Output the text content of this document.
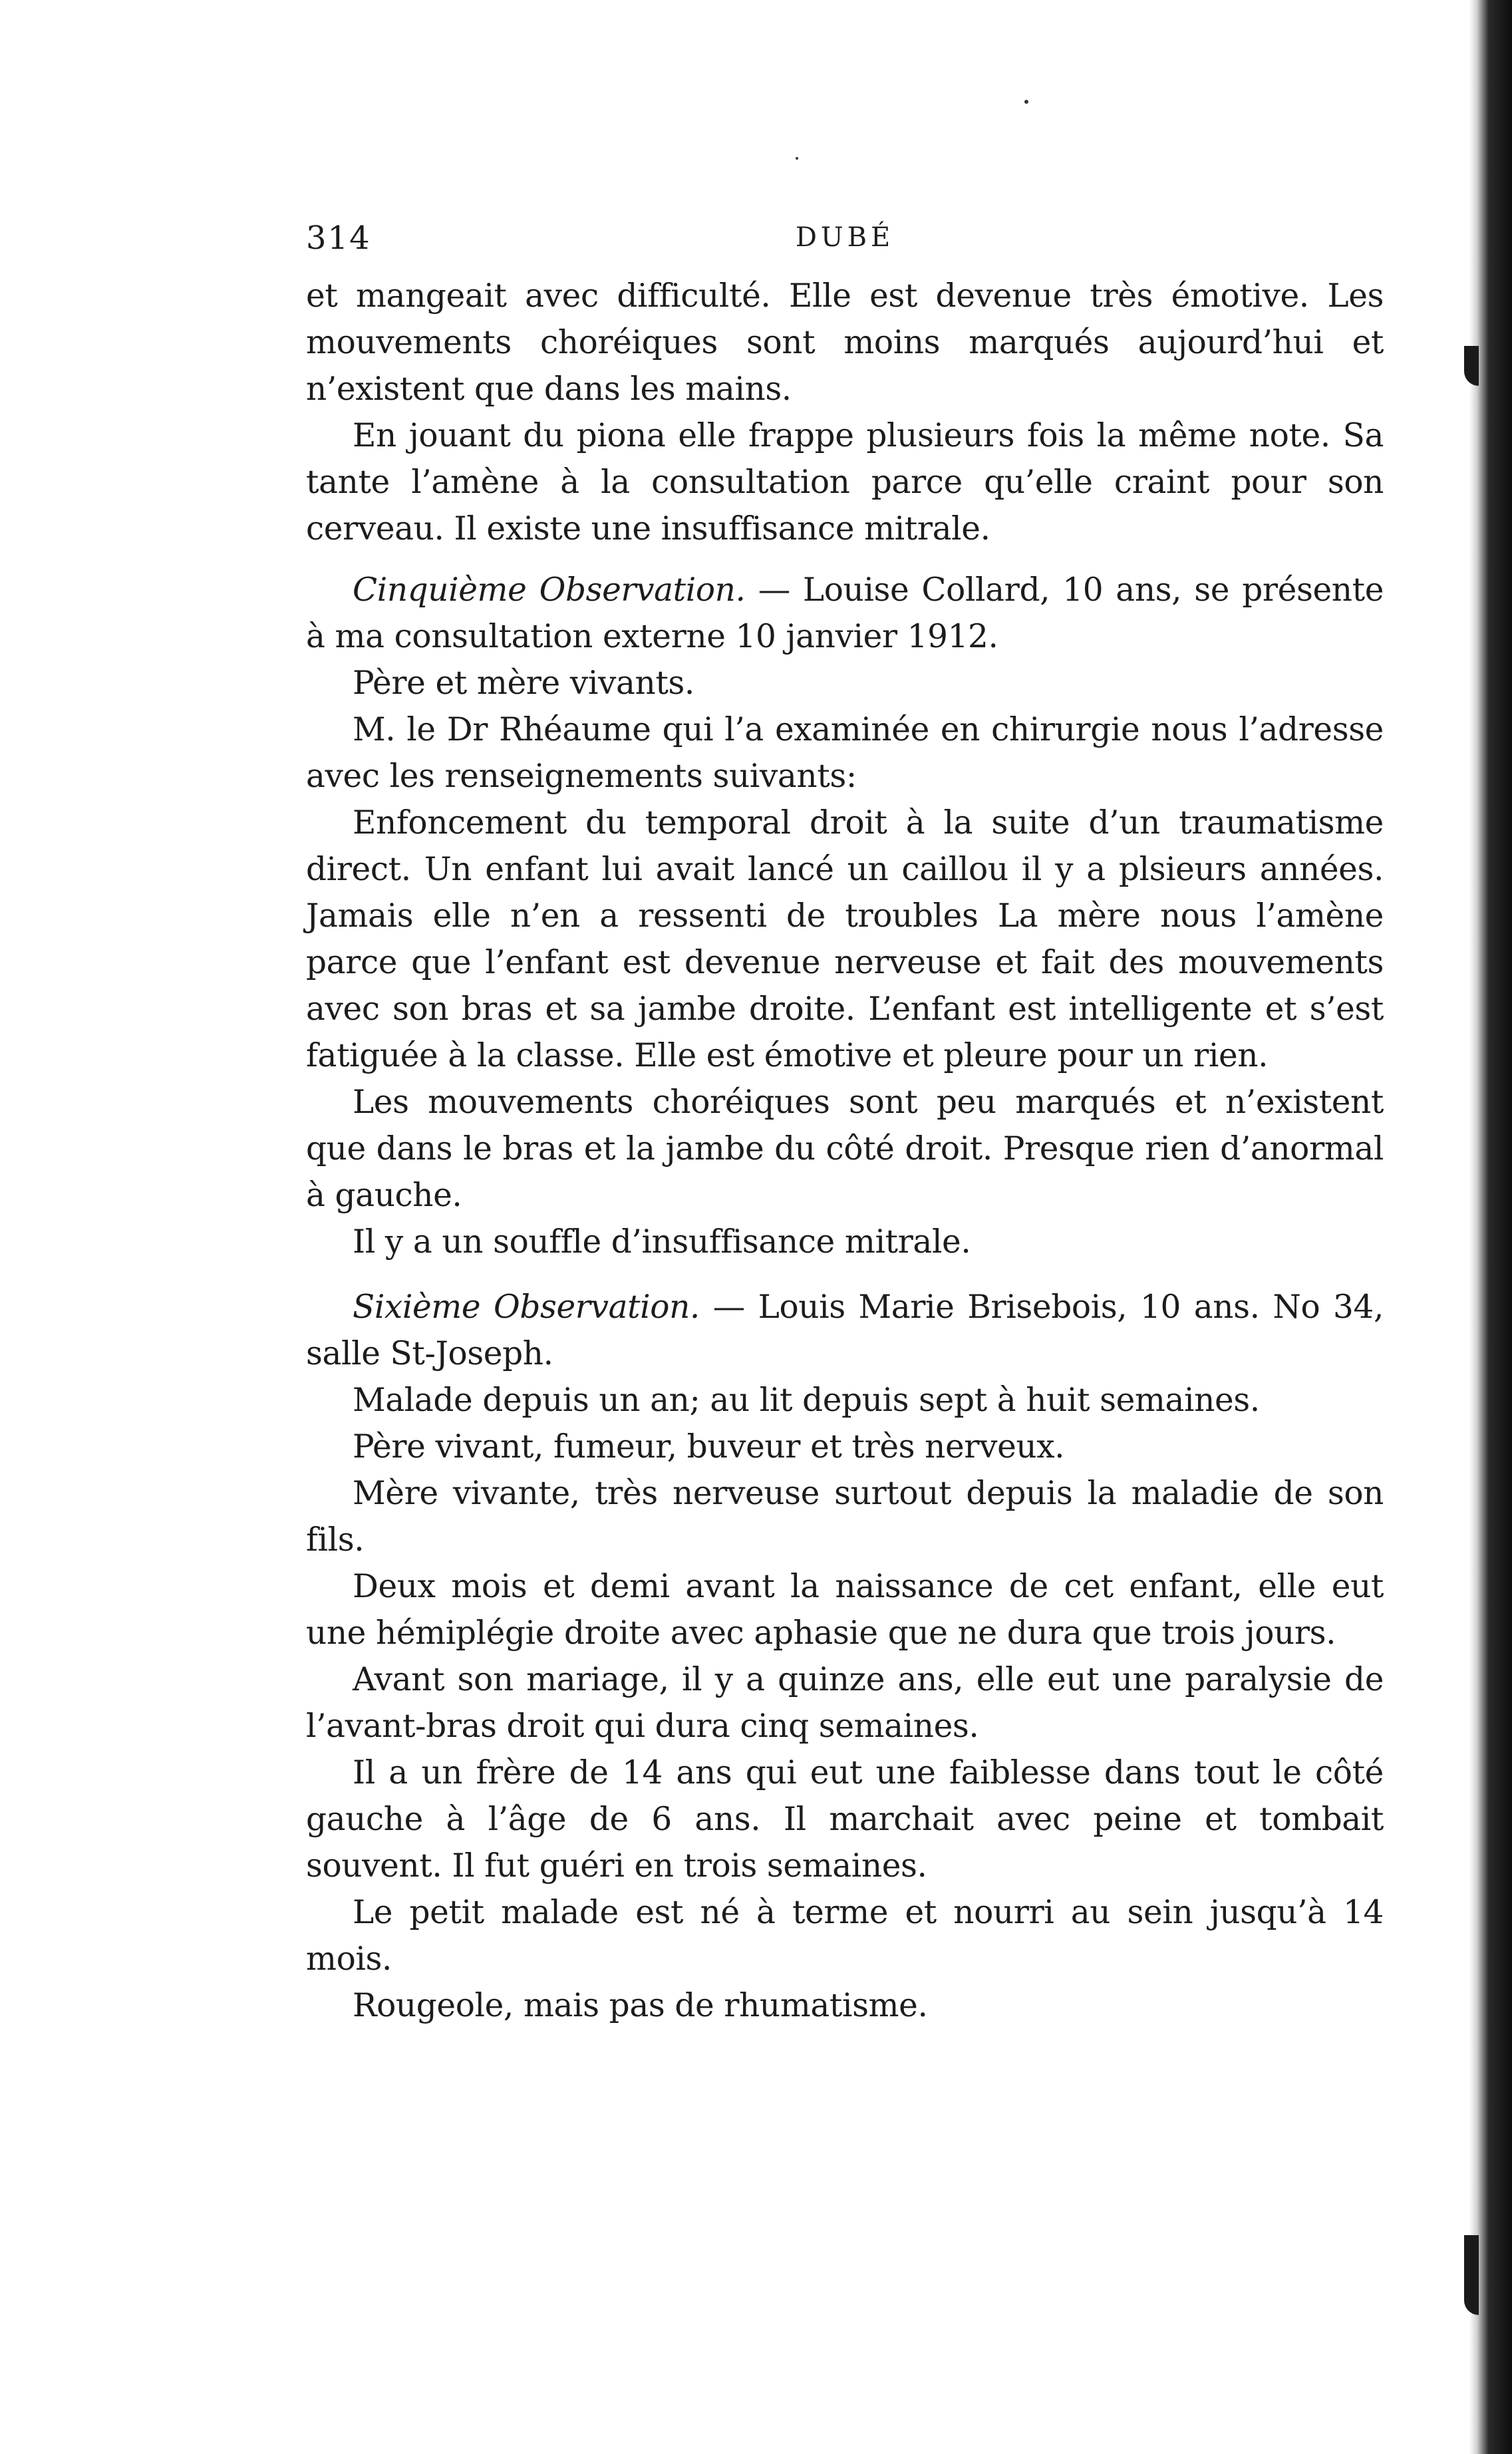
314	DUBÉ

et mangeait avec difficulté. Elle est devenue très émotive. Les mouvements choréiques sont moins marqués aujourd’hui et n’existent que dans les mains.

En jouant du piona elle frappe plusieurs fois la même note. Sa tante l’amène à la consultation parce qu’elle craint pour son cerveau. Il existe une insuffisance mitrale.

Cinquième Observation. — Louise Collard, 10 ans, se présente à ma consultation externe 10 janvier 1912.

Père et mère vivants.

M. le Dr Rhéaume qui l’a examinée en chirurgie nous l’adresse avec les renseignements suivants:

Enfoncement du temporal droit à la suite d’un traumatisme direct. Un enfant lui avait lancé un caillou il y a plsieurs années. Jamais elle n’en a ressenti de troubles La mère nous l’amène parce que l’enfant est devenue nerveuse et fait des mouvements avec son bras et sa jambe droite. L’enfant est intelligente et s’est fatiguée à la classe. Elle est émotive et pleure pour un rien.

Les mouvements choréiques sont peu marqués et n’existent que dans le bras et la jambe du côté droit. Presque rien d’anormal à gauche.

Il y a un souffle d’insuffisance mitrale.

Sixième Observation. — Louis Marie Brisebois, 10 ans. No 34, salle St-Joseph.

Malade depuis un an; au lit depuis sept à huit semaines.

Père vivant, fumeur, buveur et très nerveux.

Mère vivante, très nerveuse surtout depuis la maladie de son fils.

Deux mois et demi avant la naissance de cet enfant, elle eut une hémiplégie droite avec aphasie que ne dura que trois jours.

Avant son mariage, il y a quinze ans, elle eut une paralysie de l’avant-bras droit qui dura cinq semaines.

Il a un frère de 14 ans qui eut une faiblesse dans tout le côté gauche à l’âge de 6 ans. Il marchait avec peine et tombait souvent. Il fut guéri en trois semaines.

Le petit malade est né à terme et nourri au sein jusqu’à 14 mois.

Rougeole, mais pas de rhumatisme.
